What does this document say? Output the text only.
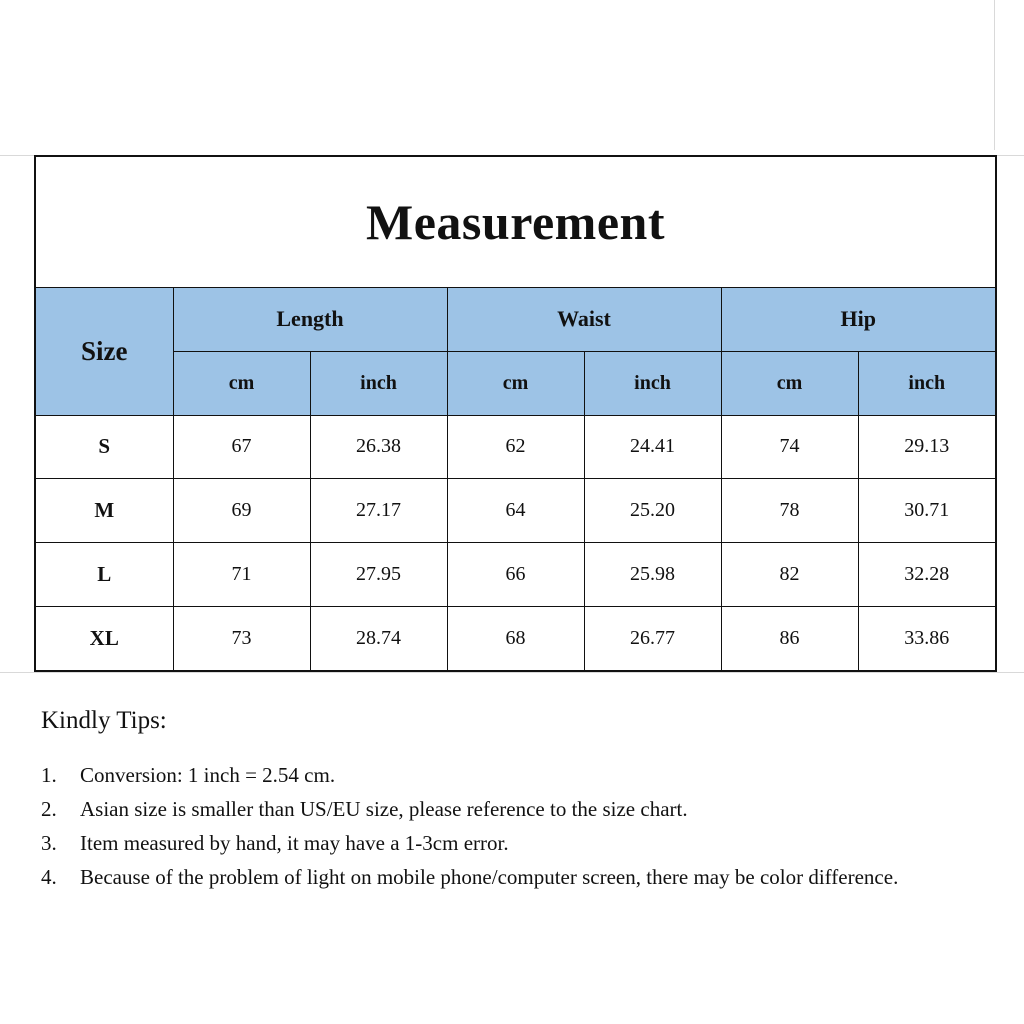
Measurement						
Size	Length		Waist		Hip	
	cm	inch	cm	inch	cm	inch
S	67	26.38	62	24.41	74	29.13
M	69	27.17	64	25.20	78	30.71
L	71	27.95	66	25.98	82	32.28
XL	73	28.74	68	26.77	86	33.86
Kindly Tips:
1.	Conversion: 1 inch = 2.54 cm.
2.	Asian size is smaller than US/EU size, please reference to the size chart.
3.	Item measured by hand, it may have a 1-3cm error.
4.	Because of the problem of light on mobile phone/computer screen, there may be color difference.
